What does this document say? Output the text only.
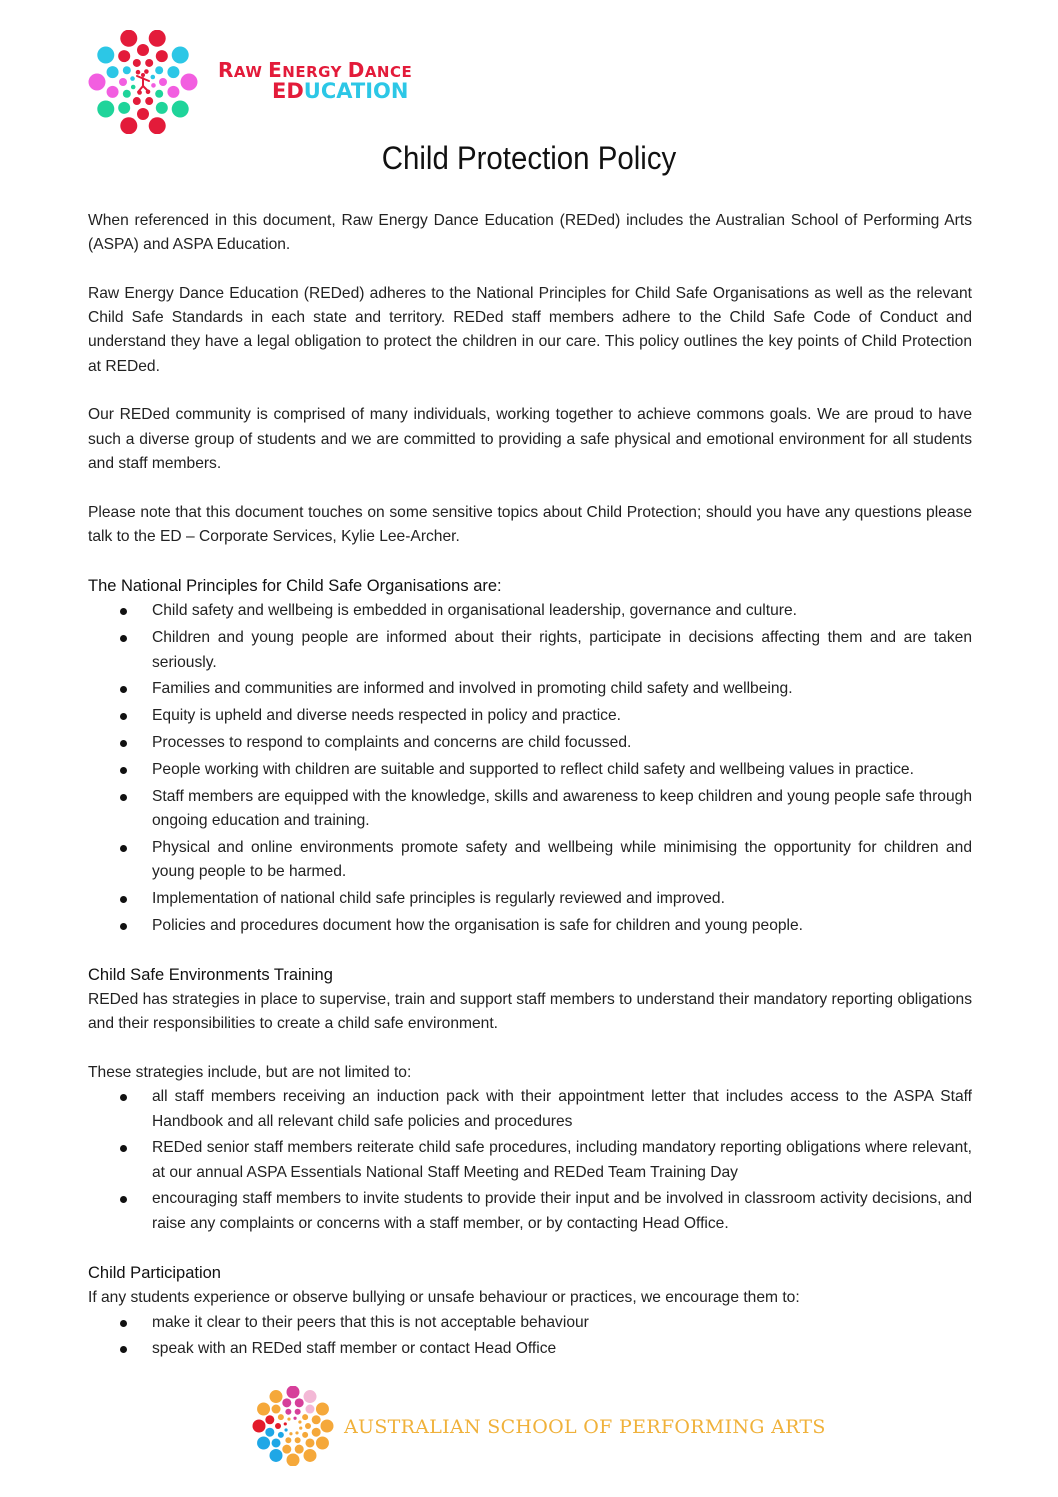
RAW ENERGY DANCE
EDUCATION
Child Protection Policy

When referenced in this document, Raw Energy Dance Education (REDed) includes the Australian School of Performing Arts (ASPA) and ASPA Education.

Raw Energy Dance Education (REDed) adheres to the National Principles for Child Safe Organisations as well as the relevant Child Safe Standards in each state and territory. REDed staff members adhere to the Child Safe Code of Conduct and understand they have a legal obligation to protect the children in our care. This policy outlines the key points of Child Protection at REDed.

Our REDed community is comprised of many individuals, working together to achieve commons goals. We are proud to have such a diverse group of students and we are committed to providing a safe physical and emotional environment for all students and staff members.

Please note that this document touches on some sensitive topics about Child Protection; should you have any questions please talk to the ED – Corporate Services, Kylie Lee-Archer.

The National Principles for Child Safe Organisations are:
Child safety and wellbeing is embedded in organisational leadership, governance and culture.
Children and young people are informed about their rights, participate in decisions affecting them and are taken seriously.
Families and communities are informed and involved in promoting child safety and wellbeing.
Equity is upheld and diverse needs respected in policy and practice.
Processes to respond to complaints and concerns are child focussed.
People working with children are suitable and supported to reflect child safety and wellbeing values in practice.
Staff members are equipped with the knowledge, skills and awareness to keep children and young people safe through ongoing education and training.
Physical and online environments promote safety and wellbeing while minimising the opportunity for children and young people to be harmed.
Implementation of national child safe principles is regularly reviewed and improved.
Policies and procedures document how the organisation is safe for children and young people.
Child Safe Environments Training

REDed has strategies in place to supervise, train and support staff members to understand their mandatory reporting obligations and their responsibilities to create a child safe environment.

These strategies include, but are not limited to:

all staff members receiving an induction pack with their appointment letter that includes access to the ASPA Staff Handbook and all relevant child safe policies and procedures
REDed senior staff members reiterate child safe procedures, including mandatory reporting obligations where relevant, at our annual ASPA Essentials National Staff Meeting and REDed Team Training Day
encouraging staff members to invite students to provide their input and be involved in classroom activity decisions, and raise any complaints or concerns with a staff member, or by contacting Head Office.
Child Participation

If any students experience or observe bullying or unsafe behaviour or practices, we encourage them to:

make it clear to their peers that this is not acceptable behaviour
speak with an REDed staff member or contact Head Office
AUSTRALIAN SCHOOL OF PERFORMING ARTS
